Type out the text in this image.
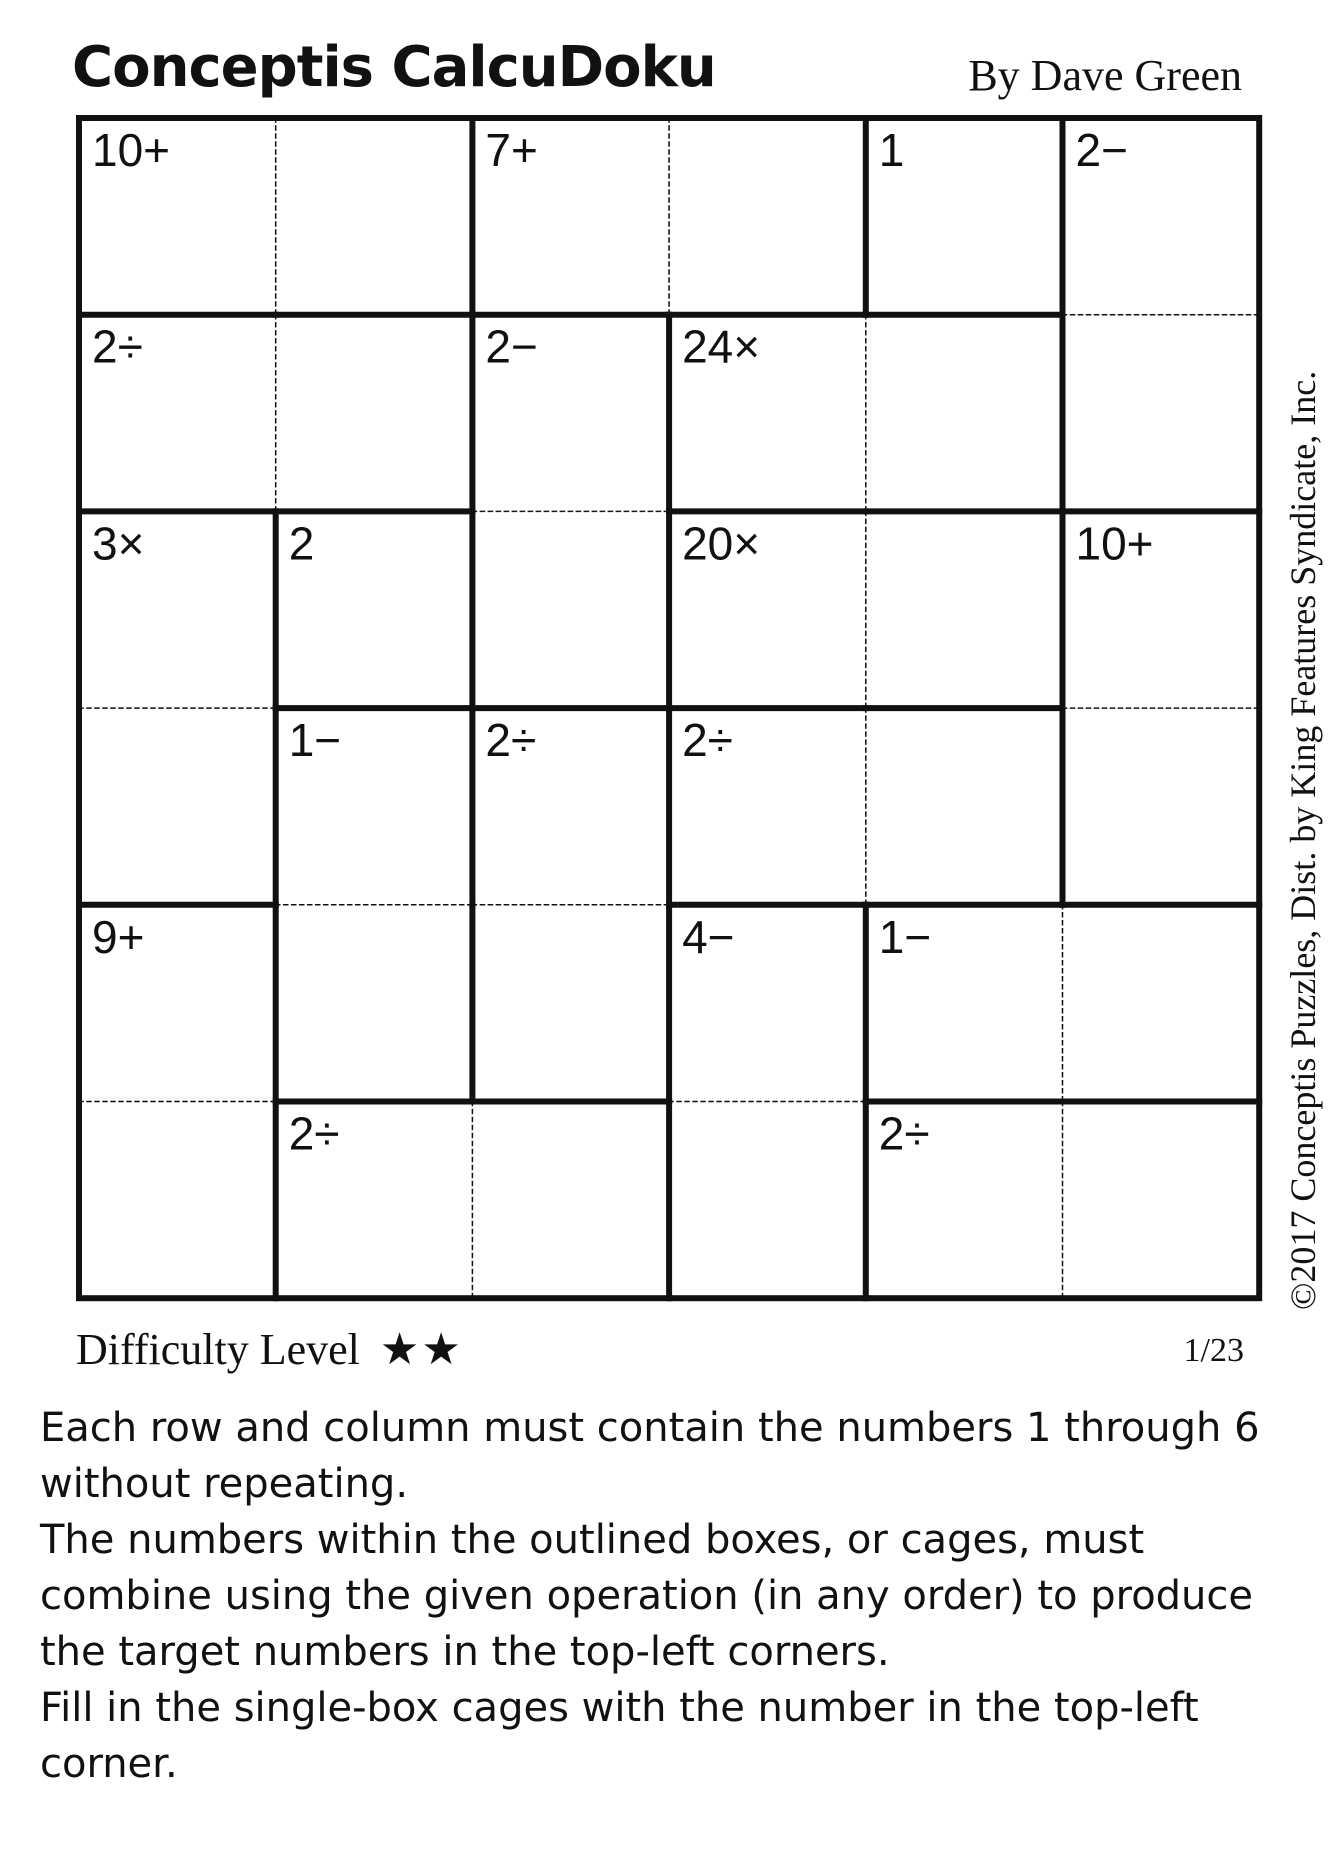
Conceptis CalcuDoku	By Dave Green
10+	7+	1	2−
2÷	2−	24×
3×	2	20×	10+
1−	2÷	2÷
9+	4−	1−
2÷	2÷
Difficulty Level ★★	1/23
©2017 Conceptis Puzzles, Dist. by King Features Syndicate, Inc.

Each row and column must contain the numbers 1 through 6 without repeating.

The numbers within the outlined boxes, or cages, must combine using the given operation (in any order) to produce the target numbers in the top-left corners.

Fill in the single-box cages with the number in the top-left corner.
